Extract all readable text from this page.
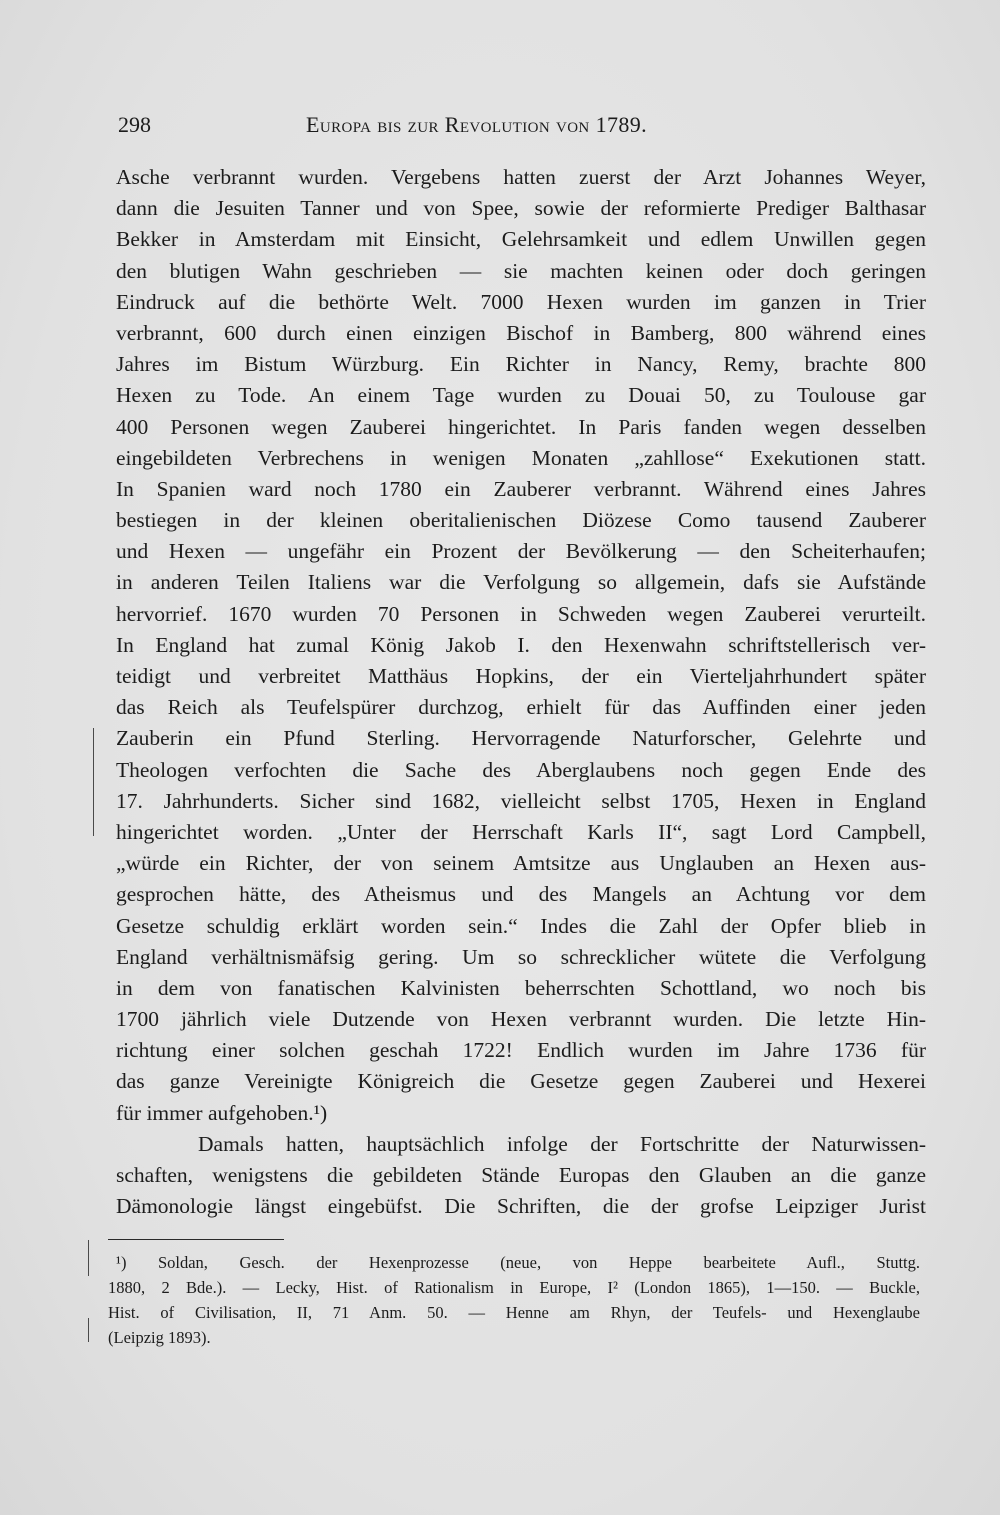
298	Europa bis zur Revolution von 1789.
Asche verbrannt wurden. Vergebens hatten zuerst der Arzt Johannes Weyer,
dann die Jesuiten Tanner und von Spee, sowie der reformierte Prediger Balthasar
Bekker in Amsterdam mit Einsicht, Gelehrsamkeit und edlem Unwillen gegen
den blutigen Wahn geschrieben — sie machten keinen oder doch geringen
Eindruck auf die bethörte Welt. 7000 Hexen wurden im ganzen in Trier
verbrannt, 600 durch einen einzigen Bischof in Bamberg, 800 während eines
Jahres im Bistum Würzburg. Ein Richter in Nancy, Remy, brachte 800
Hexen zu Tode. An einem Tage wurden zu Douai 50, zu Toulouse gar
400 Personen wegen Zauberei hingerichtet. In Paris fanden wegen desselben
eingebildeten Verbrechens in wenigen Monaten „zahllose“ Exekutionen statt.
In Spanien ward noch 1780 ein Zauberer verbrannt. Während eines Jahres
bestiegen in der kleinen oberitalienischen Diözese Como tausend Zauberer
und Hexen — ungefähr ein Prozent der Bevölkerung — den Scheiterhaufen;
in anderen Teilen Italiens war die Verfolgung so allgemein, dafs sie Aufstände
hervorrief. 1670 wurden 70 Personen in Schweden wegen Zauberei verurteilt.
In England hat zumal König Jakob I. den Hexenwahn schriftstellerisch ver-
teidigt und verbreitet Matthäus Hopkins, der ein Vierteljahrhundert später
das Reich als Teufelspürer durchzog, erhielt für das Auffinden einer jeden
Zauberin ein Pfund Sterling. Hervorragende Naturforscher, Gelehrte und
Theologen verfochten die Sache des Aberglaubens noch gegen Ende des
17. Jahrhunderts. Sicher sind 1682, vielleicht selbst 1705, Hexen in England
hingerichtet worden. „Unter der Herrschaft Karls II“, sagt Lord Campbell,
„würde ein Richter, der von seinem Amtsitze aus Unglauben an Hexen aus-
gesprochen hätte, des Atheismus und des Mangels an Achtung vor dem
Gesetze schuldig erklärt worden sein.“ Indes die Zahl der Opfer blieb in
England verhältnismäfsig gering. Um so schrecklicher wütete die Verfolgung
in dem von fanatischen Kalvinisten beherrschten Schottland, wo noch bis
1700 jährlich viele Dutzende von Hexen verbrannt wurden. Die letzte Hin-
richtung einer solchen geschah 1722! Endlich wurden im Jahre 1736 für
das ganze Vereinigte Königreich die Gesetze gegen Zauberei und Hexerei
für immer aufgehoben.¹)
Damals hatten, hauptsächlich infolge der Fortschritte der Naturwissen-
schaften, wenigstens die gebildeten Stände Europas den Glauben an die ganze
Dämonologie längst eingebüfst. Die Schriften, die der grofse Leipziger Jurist
¹) Soldan, Gesch. der Hexenprozesse (neue, von Heppe bearbeitete Aufl., Stuttg.
1880, 2 Bde.). — Lecky, Hist. of Rationalism in Europe, I² (London 1865), 1—150. — Buckle,
Hist. of Civilisation, II, 71 Anm. 50. — Henne am Rhyn, der Teufels- und Hexenglaube
(Leipzig 1893).
